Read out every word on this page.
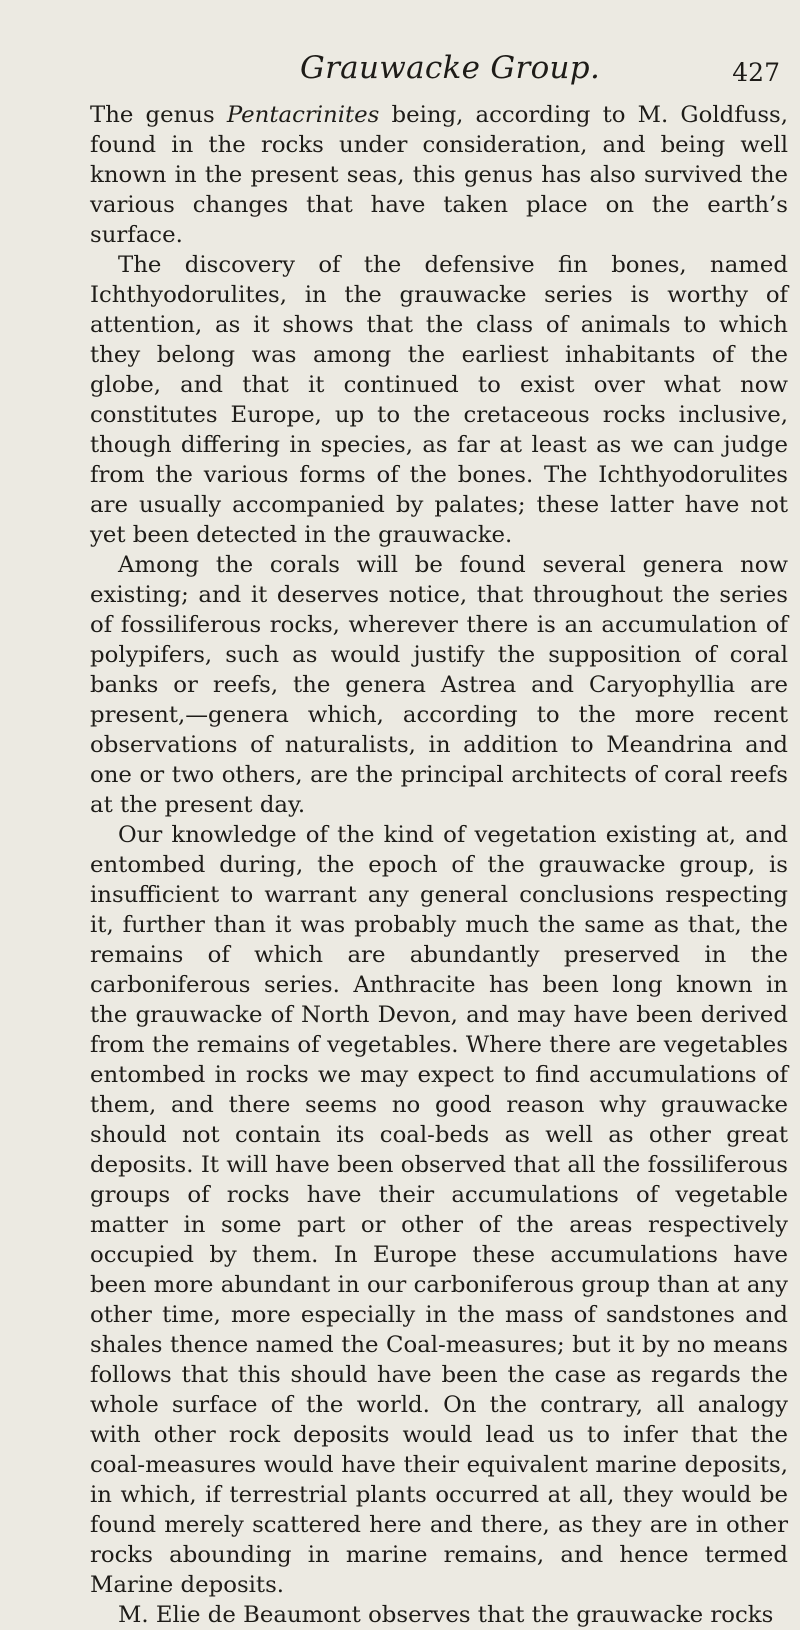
Grauwacke Group.	427

The genus Pentacrinites being, according to M. Goldfuss, found in the rocks under consideration, and being well known in the present seas, this genus has also survived the various changes that have taken place on the earth’s surface.

The discovery of the defensive fin bones, named Ichthyodorulites, in the grauwacke series is worthy of attention, as it shows that the class of animals to which they belong was among the earliest inhabitants of the globe, and that it continued to exist over what now constitutes Europe, up to the cretaceous rocks inclusive, though differing in species, as far at least as we can judge from the various forms of the bones. The Ichthyodorulites are usually accompanied by palates; these latter have not yet been detected in the grauwacke.

Among the corals will be found several genera now existing; and it deserves notice, that throughout the series of fossiliferous rocks, wherever there is an accumulation of polypifers, such as would justify the supposition of coral banks or reefs, the genera Astrea and Caryophyllia are present,—genera which, according to the more recent observations of naturalists, in addition to Meandrina and one or two others, are the principal architects of coral reefs at the present day.

Our knowledge of the kind of vegetation existing at, and entombed during, the epoch of the grauwacke group, is insufficient to warrant any general conclusions respecting it, further than it was probably much the same as that, the remains of which are abundantly preserved in the carboniferous series. Anthracite has been long known in the grauwacke of North Devon, and may have been derived from the remains of vegetables. Where there are vegetables entombed in rocks we may expect to find accumulations of them, and there seems no good reason why grauwacke should not contain its coal-beds as well as other great deposits. It will have been observed that all the fossiliferous groups of rocks have their accumulations of vegetable matter in some part or other of the areas respectively occupied by them. In Europe these accumulations have been more abundant in our carboniferous group than at any other time, more especially in the mass of sandstones and shales thence named the Coal-measures; but it by no means follows that this should have been the case as regards the whole surface of the world. On the contrary, all analogy with other rock deposits would lead us to infer that the coal-measures would have their equivalent marine deposits, in which, if terrestrial plants occurred at all, they would be found merely scattered here and there, as they are in other rocks abounding in marine remains, and hence termed Marine deposits.

M. Elie de Beaumont observes that the grauwacke rocks
